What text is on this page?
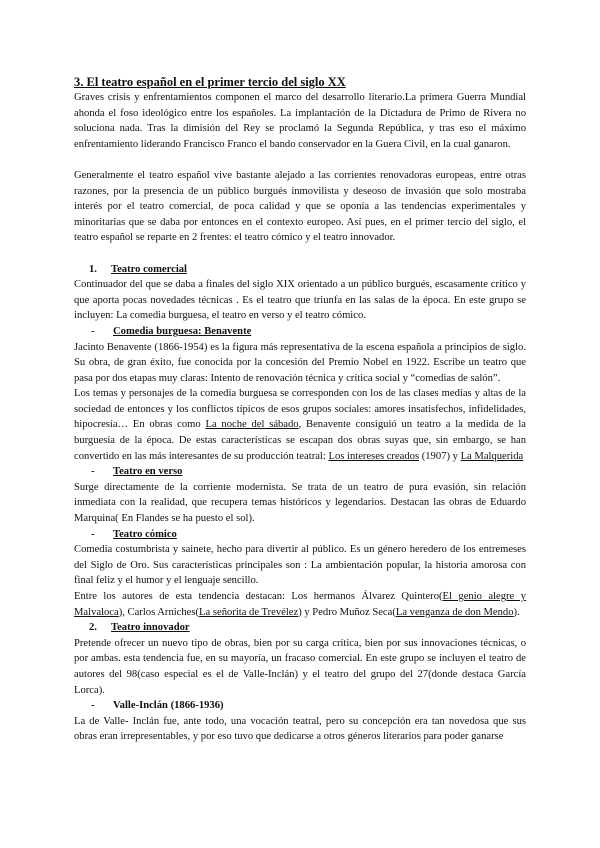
3. El teatro español en el primer tercio del siglo XX

Graves crisis y enfrentamientos componen el marco del desarrollo literario.La primera Guerra Mundial ahonda el foso ideológico entre los españoles. La implantación de la Dictadura de Primo de Rivera no soluciona nada. Tras la dimisión del Rey se proclamó la Segunda República, y tras eso el máximo enfrentamiento liderando Francisco Franco el bando conservador en la Guera Civil, en la cual ganaron.

Generalmente el teatro español vive bastante alejado a las corrientes renovadoras europeas, entre otras razones, por la presencia de un público burgués inmovilista y deseoso de invasión que solo mostraba interés por el teatro comercial, de poca calidad y que se oponía a las tendencias experimentales y minoritarias que se daba por entonces en el contexto europeo. Así pues, en el primer tercio del siglo, el teatro español se reparte en 2 frentes: el teatro cómico y el teatro innovador.

1. Teatro comercial

Continuador del que se daba a finales del siglo XIX orientado a un público burgués, escasamente crítico y que aporta pocas novedades técnicas . Es el teatro que triunfa en las salas de la época. En este grupo se incluyen: La comedia burguesa, el teatro en verso y el teatro cómico.

- Comedia burguesa: Benavente

Jacinto Benavente (1866-1954) es la figura más representativa de la escena española a principios de siglo. Su obra, de gran éxito, fue conocida por la concesión del Premio Nobel en 1922. Escribe un teatro que pasa por dos etapas muy claras: Intento de renovación técnica y crítica social y “comedias de salón”.

Los temas y personajes de la comedia burguesa se corresponden con los de las clases medias y altas de la sociedad de entonces y los conflictos típicos de esos grupos sociales: amores insatisfechos, infidelidades, hipocresía… En obras como La noche del sábado, Benavente consiguió un teatro a la medida de la burguesía de la época. De estas características se escapan dos obras suyas que, sin embargo, se han convertido en las más interesantes de su producción teatral: Los intereses creados (1907) y La Malquerida

- Teatro en verso

Surge directamente de la corriente modernista. Se trata de un teatro de pura evasión, sin relación inmediata con la realidad, que recupera temas históricos y legendarios. Destacan las obras de Eduardo Marquina( En Flandes se ha puesto el sol).

- Teatro cómico

Comedia costumbrista y sainete, hecho para divertir al público. Es un género heredero de los entremeses del Siglo de Oro. Sus características principales son : La ambientación popular, la historia amorosa con final feliz y el humor y el lenguaje sencillo.

Entre los autores de esta tendencia destacan: Los hermanos Álvarez Quintero(El genio alegre y Malvaloca), Carlos Arniches(La señorita de Trevélez) y Pedro Muñoz Seca(La venganza de don Mendo).

2. Teatro innovador

Pretende ofrecer un nuevo tipo de obras, bien por su carga crítica, bien por sus innovaciones técnicas, o por ambas. esta tendencia fue, en su mayoría, un fracaso comercial. En este grupo se incluyen el teatro de autores del 98(caso especial es el de Valle-Inclán) y el teatro del grupo del 27(donde destaca García Lorca).

- Valle-Inclán (1866-1936)

La de Valle- Inclán fue, ante todo, una vocación teatral, pero su concepción era tan novedosa que sus obras eran irrepresentables, y por eso tuvo que dedicarse a otros géneros literarios para poder ganarse
